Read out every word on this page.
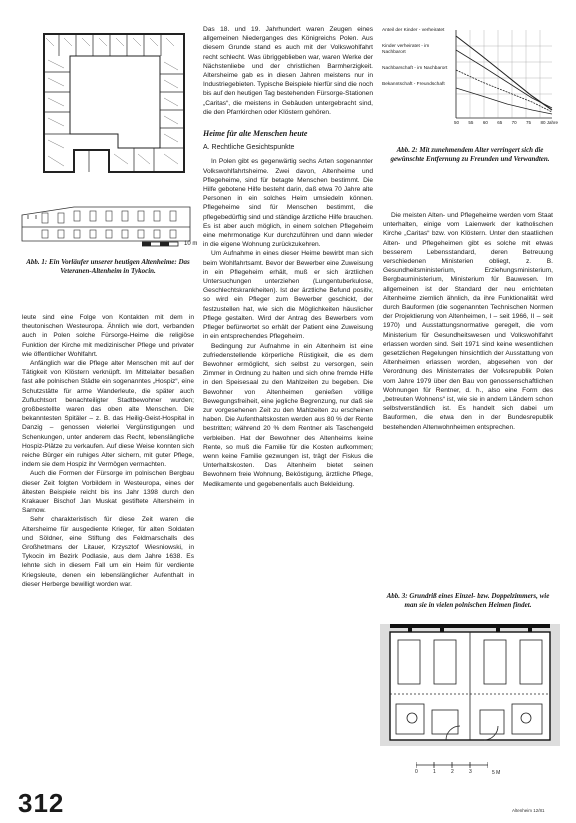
10 m
Abb. 1: Ein Vorläufer unserer heutigen Altenheime: Das Veteranen-Altenheim in Tykocin.

leute sind eine Folge von Kontakten mit dem in theutonischen Westeuropa. Ähnlich wie dort, verbanden auch in Polen solche Fürsorge-Heime die religiöse Funktion der Kirche mit medizinischer Pflege und privater wie öffentlicher Wohlfahrt.

Anfänglich war die Pflege alter Menschen mit auf der Tätigkeit von Klöstern verknüpft. Im Mittelalter besaßen fast alle polnischen Städte ein sogenanntes „Hospiz“, eine Schutzstätte für arme Wanderleute, die später auch Zufluchtsort benachteiligter Stadtbewohner wurden; großbestellte waren das oben alte Menschen. Die bekanntesten Spitäler – z. B. das Heilig-Geist-Hospital in Danzig – genossen vielerlei Vergünstigungen und Schenkungen, unter anderem das Recht, lebenslängliche Hospiz-Plätze zu verkaufen. Auf diese Weise konnten sich reiche Bürger ein ruhiges Alter sichern, mit guter Pflege, indem sie dem Hospiz ihr Vermögen vermachten.

Auch die Formen der Fürsorge im polnischen Bergbau dieser Zeit folgten Vorbildern in Westeuropa, eines der ältesten Beispiele reicht bis ins Jahr 1398 durch den Krakauer Bischof Jan Muskat gestiftete Altersheim in Sarnow.

Sehr charakteristisch für diese Zeit waren die Altersheime für ausgediente Krieger, für alten Soldaten und Söldner, eine Stiftung des Feldmarschalls des Großhetmans der Litauer, Krzysztof Wiesniowski, in Tykocin im Bezirk Podlasie, aus dem Jahre 1638. Es lehnte sich in diesem Fall um ein Heim für verdiente Kriegsleute, denen ein lebenslänglicher Aufenthalt in dieser Herberge bewilligt worden war.

Das 18. und 19. Jahrhundert waren Zeugen eines allgemeinen Niederganges des Königreichs Polen. Aus diesem Grunde stand es auch mit der Volkswohlfahrt recht schlecht. Was übriggeblieben war, waren Werke der Nächstenliebe und der christlichen Barmherzigkeit. Altersheime gab es in diesen Jahren meistens nur in Industriegebieten. Typische Beispiele hierfür sind die noch bis auf den heutigen Tag bestehenden Fürsorge-Stationen „Caritas“, die meistens in Gebäuden untergebracht sind, die den Pfarrkirchen oder Klöstern gehören.

Heime für alte Menschen heute
A. Rechtliche Gesichtspunkte

In Polen gibt es gegenwärtig sechs Arten sogenannter Volkswohlfahrtsheime. Zwei davon, Altenheime und Pflegeheime, sind für betagte Menschen bestimmt. Die Hilfe gebotene Hilfe besteht darin, daß etwa 70 Jahre alte Personen in ein solches Heim umsiedeln können. Pflegeheime sind für Menschen bestimmt, die pflegebedürftig sind und ständige ärztliche Hilfe brauchen. Es ist aber auch möglich, in einem solchen Pflegeheim eine mehrmonatige Kur durchzuführen und dann wieder in die eigene Wohnung zurückzukehren.

Um Aufnahme in eines dieser Heime bewirbt man sich beim Wohlfahrtsamt. Bevor der Bewerber eine Zuweisung in ein Pflegeheim erhält, muß er sich ärztlichen Untersuchungen unterziehen (Lungentuberkulose, Geschlechtskrankheiten). Ist der ärztliche Befund positiv, so wird ein Pfleger zum Bewerber geschickt, der festzustellen hat, wie sich die Möglichkeiten häuslicher Pflege gestalten. Wird der Antrag des Bewerbers vom Pfleger befürwortet so erhält der Patient eine Zuweisung in ein entsprechendes Pflegeheim.

Bedingung zur Aufnahme in ein Altenheim ist eine zufriedenstellende körperliche Rüstigkeit, die es dem Bewohner ermöglicht, sich selbst zu versorgen, sein Zimmer in Ordnung zu halten und sich ohne fremde Hilfe in den Speisesaal zu den Mahlzeiten zu begeben. Die Bewohner von Altenheimen genießen völlige Bewegungsfreiheit, eine jegliche Begrenzung, nur daß sie zur vorgesehenen Zeit zu den Mahlzeiten zu erscheinen haben. Die Aufenthaltskosten werden aus 80 % der Rente bestritten; während 20 % dem Rentner als Taschengeld verbleiben. Hat der Bewohner des Altenheims keine Rente, so muß die Familie für die Kosten aufkommen; wenn keine Familie gezwungen ist, trägt der Fiskus die Unterhaltskosten. Das Altenheim bietet seinen Bewohnern freie Wohnung, Beköstigung, ärztliche Pflege, Medikamente und gegebenenfalls auch Bekleidung.

Anteil der Kinder - verheiratet
Kinder verheiratet - im Nachbarort
Nachbarschaft - im Nachbarort
Bekanntschaft - Freundschaft
50 55 60 65 70 75 80 Jahre
Abb. 2: Mit zunehmendem Alter verringert sich die gewünschte Entfernung zu Freunden und Verwandten.

Die meisten Alten- und Pflegeheime werden vom Staat unterhalten, einige vom Laienwerk der katholischen Kirche „Caritas“ bzw. von Klöstern. Unter den staatlichen Alten- und Pflegeheimen gibt es solche mit etwas besserem Lebensstandard, deren Betreuung verschiedenen Ministerien obliegt, z. B. Gesundheitsministerium, Erziehungsministerium, Bergbauministerium, Ministerium für Bauwesen. Im allgemeinen ist der Standard der neu errichteten Altenheime ziemlich ähnlich, da ihre Funktionalität wird durch Bauformen (die sogenannten Technischen Normen der Projektierung von Altenheimen, I – seit 1966, II – seit 1970) und Ausstattungsnormative geregelt, die vom Ministerium für Gesundheitswesen und Volkswohlfahrt erlassen worden sind. Seit 1971 sind keine wesentlichen gesetzlichen Regelungen hinsichtlich der Ausstattung von Altenheimen erlassen worden, abgesehen von der Verordnung des Ministerrates der Volksrepublik Polen vom Jahre 1979 über den Bau von genossenschaftlichen Wohnungen für Rentner, d. h., also eine Form des „betreuten Wohnens“ ist, wie sie in andern Ländern schon selbstverständlich ist. Es handelt sich dabei um Bauformen, die etwa den in der Bundesrepublik bestehenden Altenwohnheimen entsprechen.

Abb. 3: Grundriß eines Einzel- bzw. Doppelzimmers, wie man sie in vielen polnischen Heimen findet.
0	1	2	3	5 M
312	Altenheim 12/81
